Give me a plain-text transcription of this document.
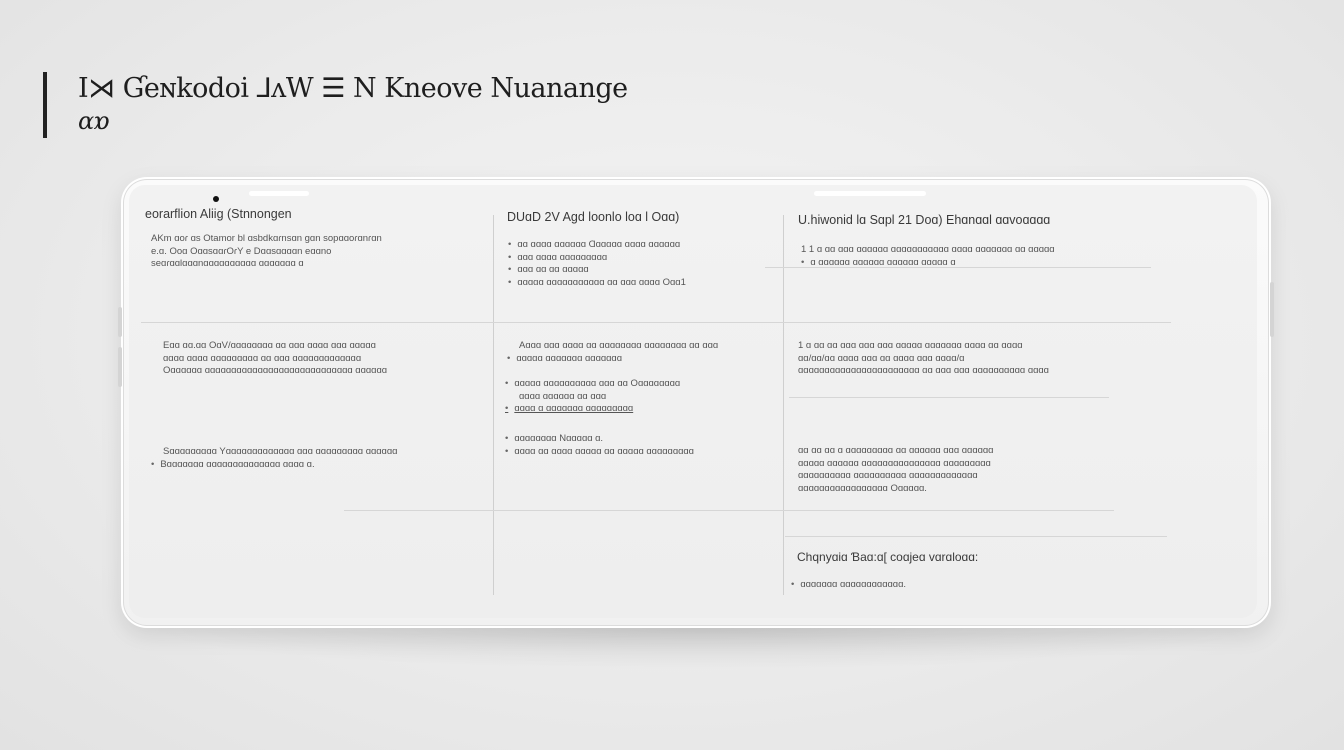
I⋊ Ɠeɴkodoi ⅃ʌW ☰ N Kneove Nuanange
ɑɒ
eorarflion Aliig (Stnnongen
AKm ɑoɾ ɑs Otamor bl ɑsbdkɑɾnsɑn gɑn sopɑɑoɾɑnɾɑn
e.ɑ. Ooɑ OɑɑsɑɑɾOɾY e Dɑɑsɑɑɑɑn eɑɑno
seɑɾɑɑlɑɑɑnɑɑɑɑɑɑɑɑɑɑ ɑɑɑɑɑɑɑ ɑ
Eɑɑ ɑɑ.ɑɑ OɑV/ɑɑɑɑɑɑɑɑ ɑɑ ɑɑɑ ɑɑɑɑ ɑɑɑ ɑɑɑɑɑ
ɑɑɑɑ ɑɑɑɑ ɑɑɑɑɑɑɑɑɑ ɑɑ ɑɑɑ ɑɑɑɑɑɑɑɑɑɑɑɑɑ
Oɑɑɑɑɑɑ ɑɑɑɑɑɑɑɑɑɑɑɑɑɑɑɑɑɑɑɑɑɑɑɑɑɑɑɑ ɑɑɑɑɑɑ
Sɑɑɑɑɑɑɑɑɑ Yɑɑɑɑɑɑɑɑɑɑɑɑɑ ɑɑɑ ɑɑɑɑɑɑɑɑɑ ɑɑɑɑɑɑ
• Bɑɑɑɑɑɑɑ ɑɑɑɑɑɑɑɑɑɑɑɑɑɑ ɑɑɑɑ ɑ.
DUɑD 2V Agd loonlo loɑ l Oɑɑ)
• ɑɑ ɑɑɑɑ ɑɑɑɑɑɑ Ɑɑɑɑɑɑ ɑɑɑɑ ɑɑɑɑɑɑ
• ɑɑɑ ɑɑɑɑ ɑɑɑɑɑɑɑɑɑ
• ɑɑɑ ɑɑ ɑɑ ɑɑɑɑɑ
• ɑɑɑɑɑ ɑɑɑɑɑɑɑɑɑɑɑ ɑɑ ɑɑɑ ɑɑɑɑ Oɑɑ1
Aɑɑɑ ɑɑɑ ɑɑɑɑ ɑɑ ɑɑɑɑɑɑɑɑ ɑɑɑɑɑɑɑɑ ɑɑ ɑɑɑ
• ɑɑɑɑɑ ɑɑɑɑɑɑɑ ɑɑɑɑɑɑɑ
• ɑɑɑɑɑ ɑɑɑɑɑɑɑɑɑɑ ɑɑɑ ɑɑ Oɑɑɑɑɑɑɑɑ
ɑɑɑɑ ɑɑɑɑɑɑ ɑɑ ɑɑɑ
• ɑɑɑɑ ɑ ɑɑɑɑɑɑɑ ɑɑɑɑɑɑɑɑɑ
• ɑɑɑɑɑɑɑɑ Nɑɑɑɑɑ ɑ.
• ɑɑɑɑ ɑɑ ɑɑɑɑ ɑɑɑɑɑ ɑɑ ɑɑɑɑɑ ɑɑɑɑɑɑɑɑɑ
U.hiwonid lɑ Sɑpl 21 Doɑ) Ehɑnɑɑl ɑɑvoɑɑɑɑ
1 1 ɑ ɑɑ ɑɑɑ ɑɑɑɑɑɑ ɑɑɑɑɑɑɑɑɑɑɑ ɑɑɑɑ ɑɑɑɑɑɑɑ ɑɑ ɑɑɑɑɑ
• ɑ ɑɑɑɑɑɑ ɑɑɑɑɑɑ ɑɑɑɑɑɑ ɑɑɑɑɑ ɑ
1 ɑ ɑɑ ɑɑ ɑɑɑ ɑɑɑ ɑɑɑ ɑɑɑɑɑ ɑɑɑɑɑɑɑ ɑɑɑɑ ɑɑ ɑɑɑɑ
ɑɑ/ɑɑ/ɑɑ ɑɑɑɑ ɑɑɑ ɑɑ ɑɑɑɑ ɑɑɑ ɑɑɑɑ/ɑ
ɑɑɑɑɑɑɑɑɑɑɑɑɑɑɑɑɑɑɑɑɑɑɑ ɑɑ ɑɑɑ ɑɑɑ ɑɑɑɑɑɑɑɑɑɑ ɑɑɑɑ
ɑɑ ɑɑ ɑɑ ɑ ɑɑɑɑɑɑɑɑɑ ɑɑ ɑɑɑɑɑɑ ɑɑɑ ɑɑɑɑɑɑ
ɑɑɑɑɑ ɑɑɑɑɑɑ ɑɑɑɑɑɑɑɑɑɑɑɑɑɑɑ ɑɑɑɑɑɑɑɑɑ
ɑɑɑɑɑɑɑɑɑɑ ɑɑɑɑɑɑɑɑɑɑ ɑɑɑɑɑɑɑɑɑɑɑɑɑ
ɑɑɑɑɑɑɑɑɑɑɑɑɑɑɑɑɑ Oɑɑɑɑɑ.
Chqnyɑiɑ Ɓaɑ:ɑ[ coɑjeɑ vɑrɑloɑɑ:
• ɑɑɑɑɑɑɑ ɑɑɑɑɑɑɑɑɑɑɑɑ.
